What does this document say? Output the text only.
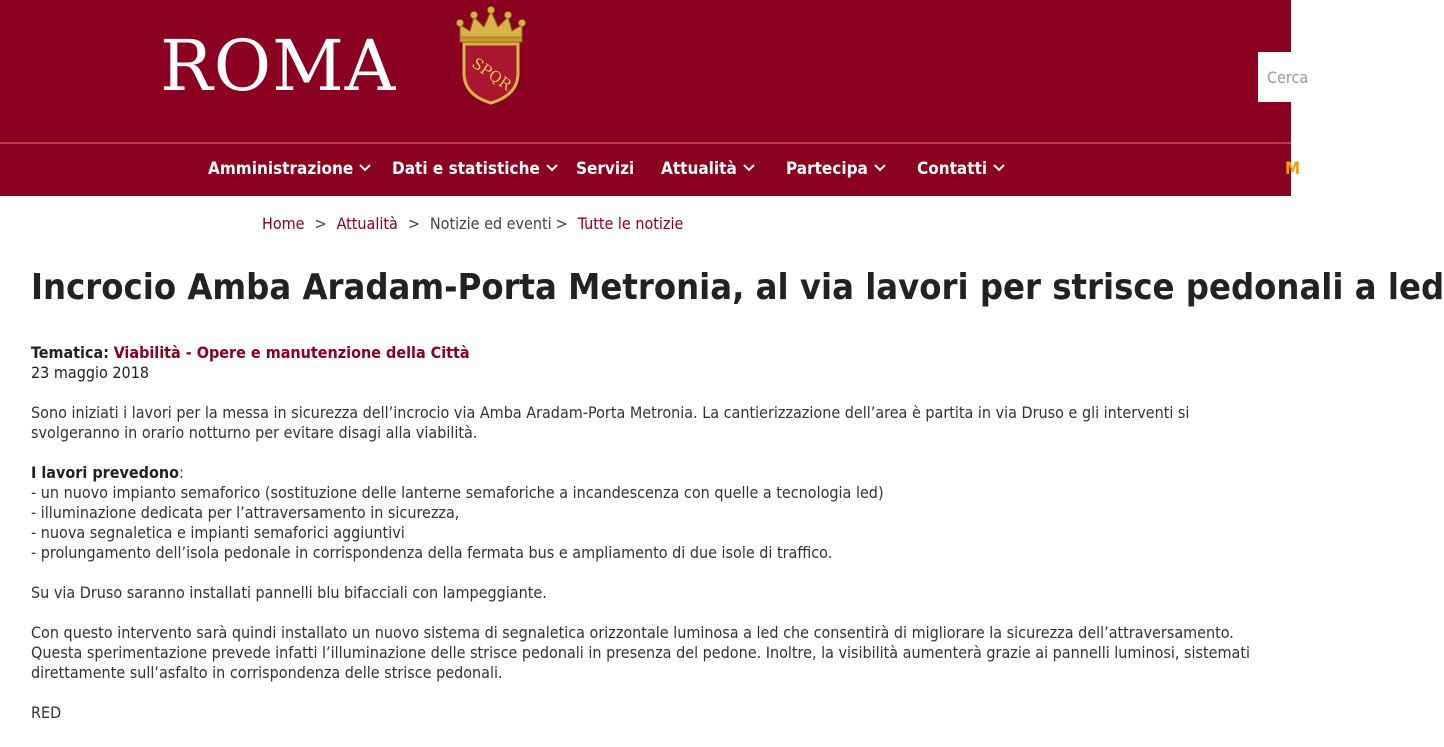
ROMA	SPQR	Cerca
Amministrazione	Dati e statistiche	Servizi Attualità	Partecipa	Contatti	M
Home > Attualità > Notizie ed eventi > Tutte le notizie
Incrocio Amba Aradam-Porta Metronia, al via lavori per strisce pedonali a led
Tematica: Viabilità - Opere e manutenzione della Città
23 maggio 2018

Sono iniziati i lavori per la messa in sicurezza dell’incrocio via Amba Aradam-Porta Metronia. La cantierizzazione dell’area è partita in via Druso e gli interventi si svolgeranno in orario notturno per evitare disagi alla viabilità.

I lavori prevedono:
- un nuovo impianto semaforico (sostituzione delle lanterne semaforiche a incandescenza con quelle a tecnologia led)
- illuminazione dedicata per l’attraversamento in sicurezza,
- nuova segnaletica e impianti semaforici aggiuntivi
- prolungamento dell’isola pedonale in corrispondenza della fermata bus e ampliamento di due isole di traffico.

Su via Druso saranno installati pannelli blu bifacciali con lampeggiante.

Con questo intervento sarà quindi installato un nuovo sistema di segnaletica orizzontale luminosa a led che consentirà di migliorare la sicurezza dell’attraversamento. Questa sperimentazione prevede infatti l’illuminazione delle strisce pedonali in presenza del pedone. Inoltre, la visibilità aumenterà grazie ai pannelli luminosi, sistemati direttamente sull’asfalto in corrispondenza delle strisce pedonali.

RED
